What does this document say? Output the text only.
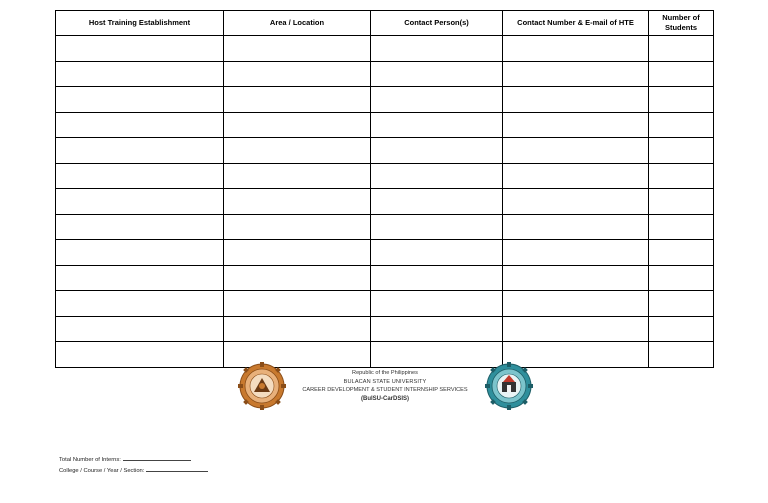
Host Training Establishment	Area / Location	Contact Person(s)	Contact Number & E-mail of HTE	Number of
Students

Republic of the Philippines
BULACAN STATE UNIVERSITY
CAREER DEVELOPMENT & STUDENT INTERNSHIP SERVICES
(BulSU-CarDSIS)
Total Number of Interns:
College / Course / Year / Section:
